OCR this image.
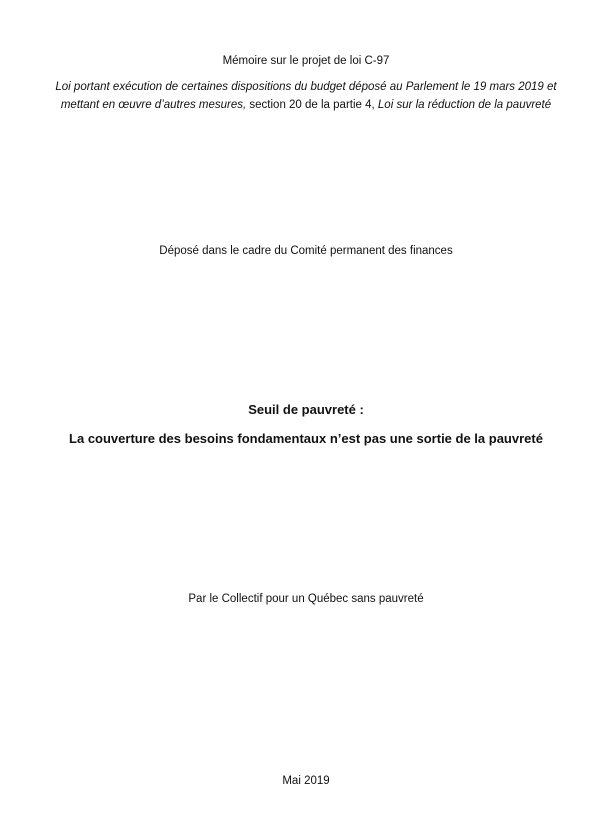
Mémoire sur le projet de loi C-97
Loi portant exécution de certaines dispositions du budget déposé au Parlement le 19 mars 2019 et mettant en œuvre d’autres mesures, section 20 de la partie 4, Loi sur la réduction de la pauvreté
Déposé dans le cadre du Comité permanent des finances
Seuil de pauvreté :
La couverture des besoins fondamentaux n’est pas une sortie de la pauvreté
Par le Collectif pour un Québec sans pauvreté
Mai 2019
